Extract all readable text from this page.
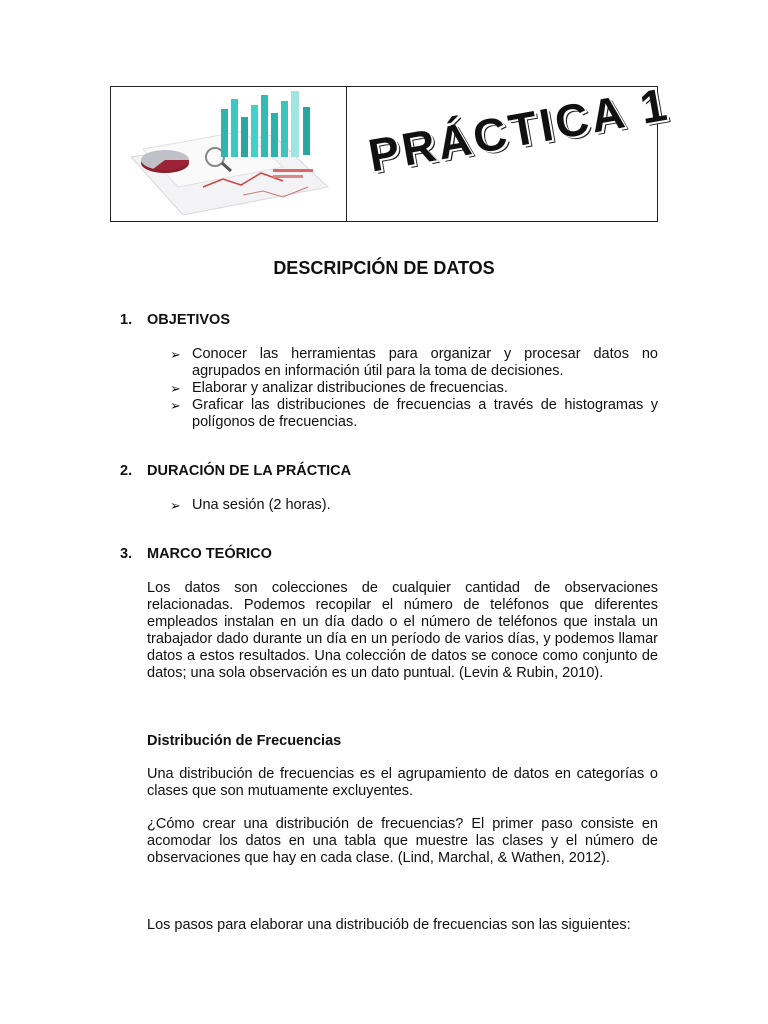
PRÁCTICA 1
DESCRIPCIÓN DE DATOS
1. OBJETIVOS
➢ Conocer las herramientas para organizar y procesar datos no agrupados en información útil para la toma de decisiones.
➢ Elaborar y analizar distribuciones de frecuencias.
➢ Graficar las distribuciones de frecuencias a través de histogramas y polígonos de frecuencias.
2. DURACIÓN DE LA PRÁCTICA
➢ Una sesión (2 horas).
3. MARCO TEÓRICO

Los datos son colecciones de cualquier cantidad de observaciones relacionadas. Podemos recopilar el número de teléfonos que diferentes empleados instalan en un día dado o el número de teléfonos que instala un trabajador dado durante un día en un período de varios días, y podemos llamar datos a estos resultados. Una colección de datos se conoce como conjunto de datos; una sola observación es un dato puntual. (Levin & Rubin, 2010).

Distribución de Frecuencias

Una distribución de frecuencias es el agrupamiento de datos en categorías o clases que son mutuamente excluyentes.

¿Cómo crear una distribución de frecuencias? El primer paso consiste en acomodar los datos en una tabla que muestre las clases y el número de observaciones que hay en cada clase. (Lind, Marchal, & Wathen, 2012).

Los pasos para elaborar una distribuciób de frecuencias son las siguientes:
